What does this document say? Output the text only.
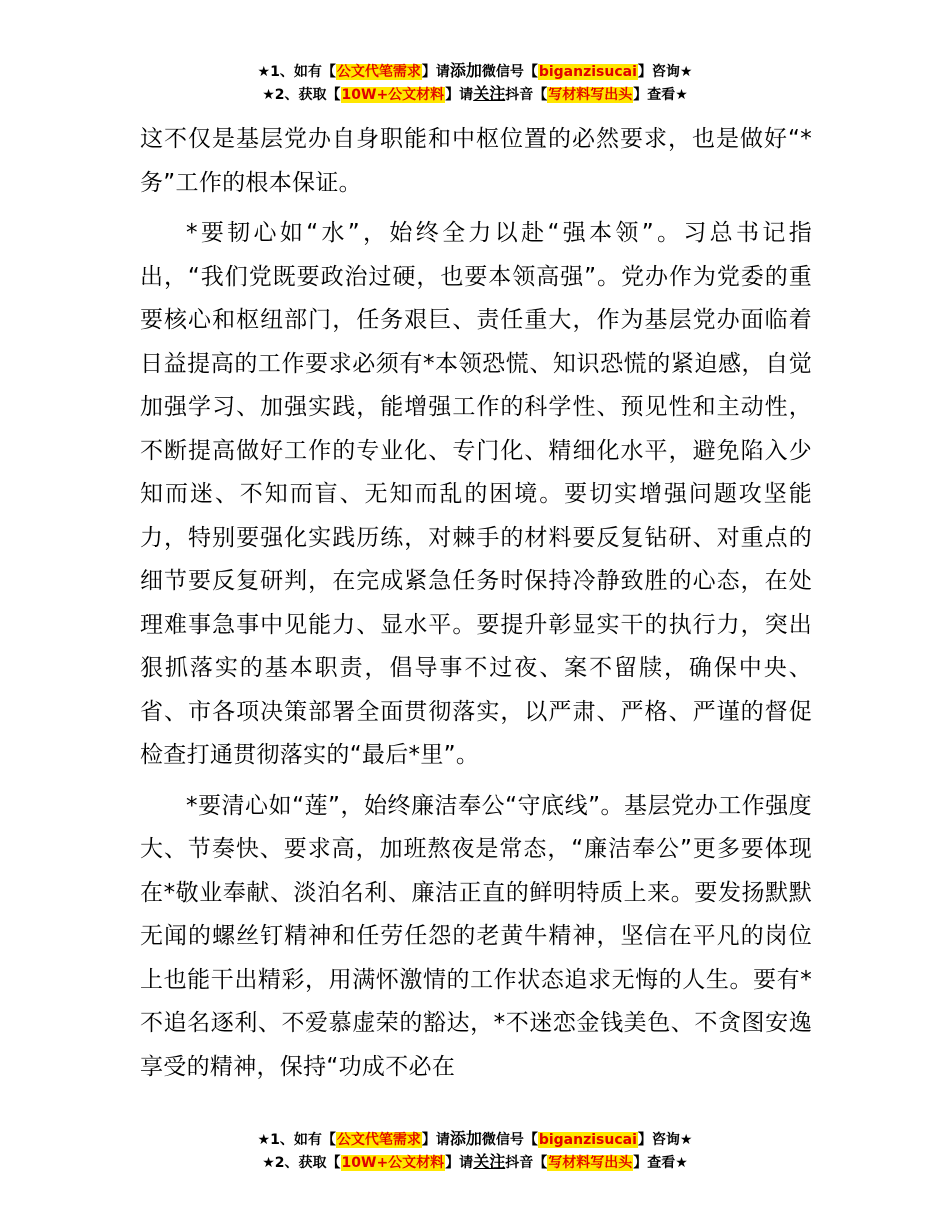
★1、如有【公文代笔需求】请添加微信号【biganzisucai】咨询★
★2、获取【10W+公文材料】请关注抖音【写材料写出头】查看★

这不仅是基层党办自身职能和中枢位置的必然要求，也是做好“*务”工作的根本保证。

*要韧心如“水”，始终全力以赴“强本领”。习总书记指出，“我们党既要政治过硬，也要本领高强”。党办作为党委的重要核心和枢纽部门，任务艰巨、责任重大，作为基层党办面临着日益提高的工作要求必须有*本领恐慌、知识恐慌的紧迫感，自觉加强学习、加强实践，能增强工作的科学性、预见性和主动性，不断提高做好工作的专业化、专门化、精细化水平，避免陷入少知而迷、不知而盲、无知而乱的困境。要切实增强问题攻坚能力，特别要强化实践历练，对棘手的材料要反复钻研、对重点的细节要反复研判，在完成紧急任务时保持冷静致胜的心态，在处理难事急事中见能力、显水平。要提升彰显实干的执行力，突出狠抓落实的基本职责，倡导事不过夜、案不留牍，确保中央、省、市各项决策部署全面贯彻落实，以严肃、严格、严谨的督促检查打通贯彻落实的“最后*里”。

*要清心如“莲”，始终廉洁奉公“守底线”。基层党办工作强度大、节奏快、要求高，加班熬夜是常态，“廉洁奉公”更多要体现在*敬业奉献、淡泊名利、廉洁正直的鲜明特质上来。要发扬默默无闻的螺丝钉精神和任劳任怨的老黄牛精神，坚信在平凡的岗位上也能干出精彩，用满怀激情的工作状态追求无悔的人生。要有*不追名逐利、不爱慕虚荣的豁达，*不迷恋金钱美色、不贪图安逸享受的精神，保持“功成不必在

★1、如有【公文代笔需求】请添加微信号【biganzisucai】咨询★
★2、获取【10W+公文材料】请关注抖音【写材料写出头】查看★
